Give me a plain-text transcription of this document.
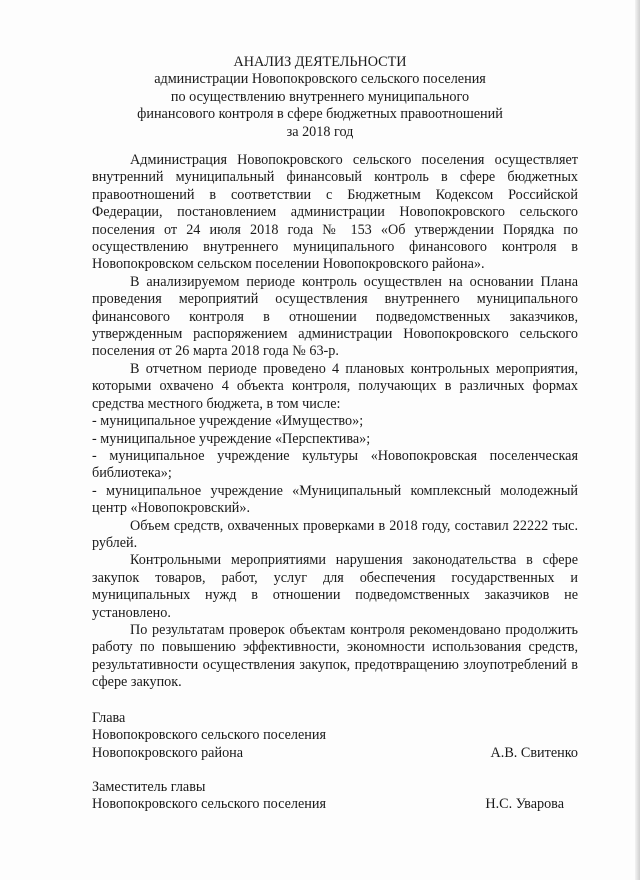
АНАЛИЗ ДЕЯТЕЛЬНОСТИ
администрации Новопокровского сельского поселения
по осуществлению внутреннего муниципального
финансового контроля в сфере бюджетных правоотношений
за 2018 год

Администрация Новопокровского сельского поселения осуществляет внутренний муниципальный финансовый контроль в сфере бюджетных правоотношений в соответствии с Бюджетным Кодексом Российской Федерации, постановлением администрации Новопокровского сельского поселения от 24 июля 2018 года № 153 «Об утверждении Порядка по осуществлению внутреннего муниципального финансового контроля в Новопокровском сельском поселении Новопокровского района».

В анализируемом периоде контроль осуществлен на основании Плана проведения мероприятий осуществления внутреннего муниципального финансового контроля в отношении подведомственных заказчиков, утвержденным распоряжением администрации Новопокровского сельского поселения от 26 марта 2018 года № 63-р.

В отчетном периоде проведено 4 плановых контрольных мероприятия, которыми охвачено 4 объекта контроля, получающих в различных формах средства местного бюджета, в том числе:

- муниципальное учреждение «Имущество»;

- муниципальное учреждение «Перспектива»;

- муниципальное учреждение культуры «Новопокровская поселенческая библиотека»;

- муниципальное учреждение «Муниципальный комплексный молодежный центр «Новопокровский».

Объем средств, охваченных проверками в 2018 году, составил 22222 тыс. рублей.

Контрольными мероприятиями нарушения законодательства в сфере закупок товаров, работ, услуг для обеспечения государственных и муниципальных нужд в отношении подведомственных заказчиков не установлено.

По результатам проверок объектам контроля рекомендовано продолжить работу по повышению эффективности, экономности использования средств, результативности осуществления закупок, предотвращению злоупотреблений в сфере закупок.

Глава
Новопокровского сельского поселения
Новопокровского района	А.В. Свитенко
Заместитель главы
Новопокровского сельского поселения	Н.С. Уварова
